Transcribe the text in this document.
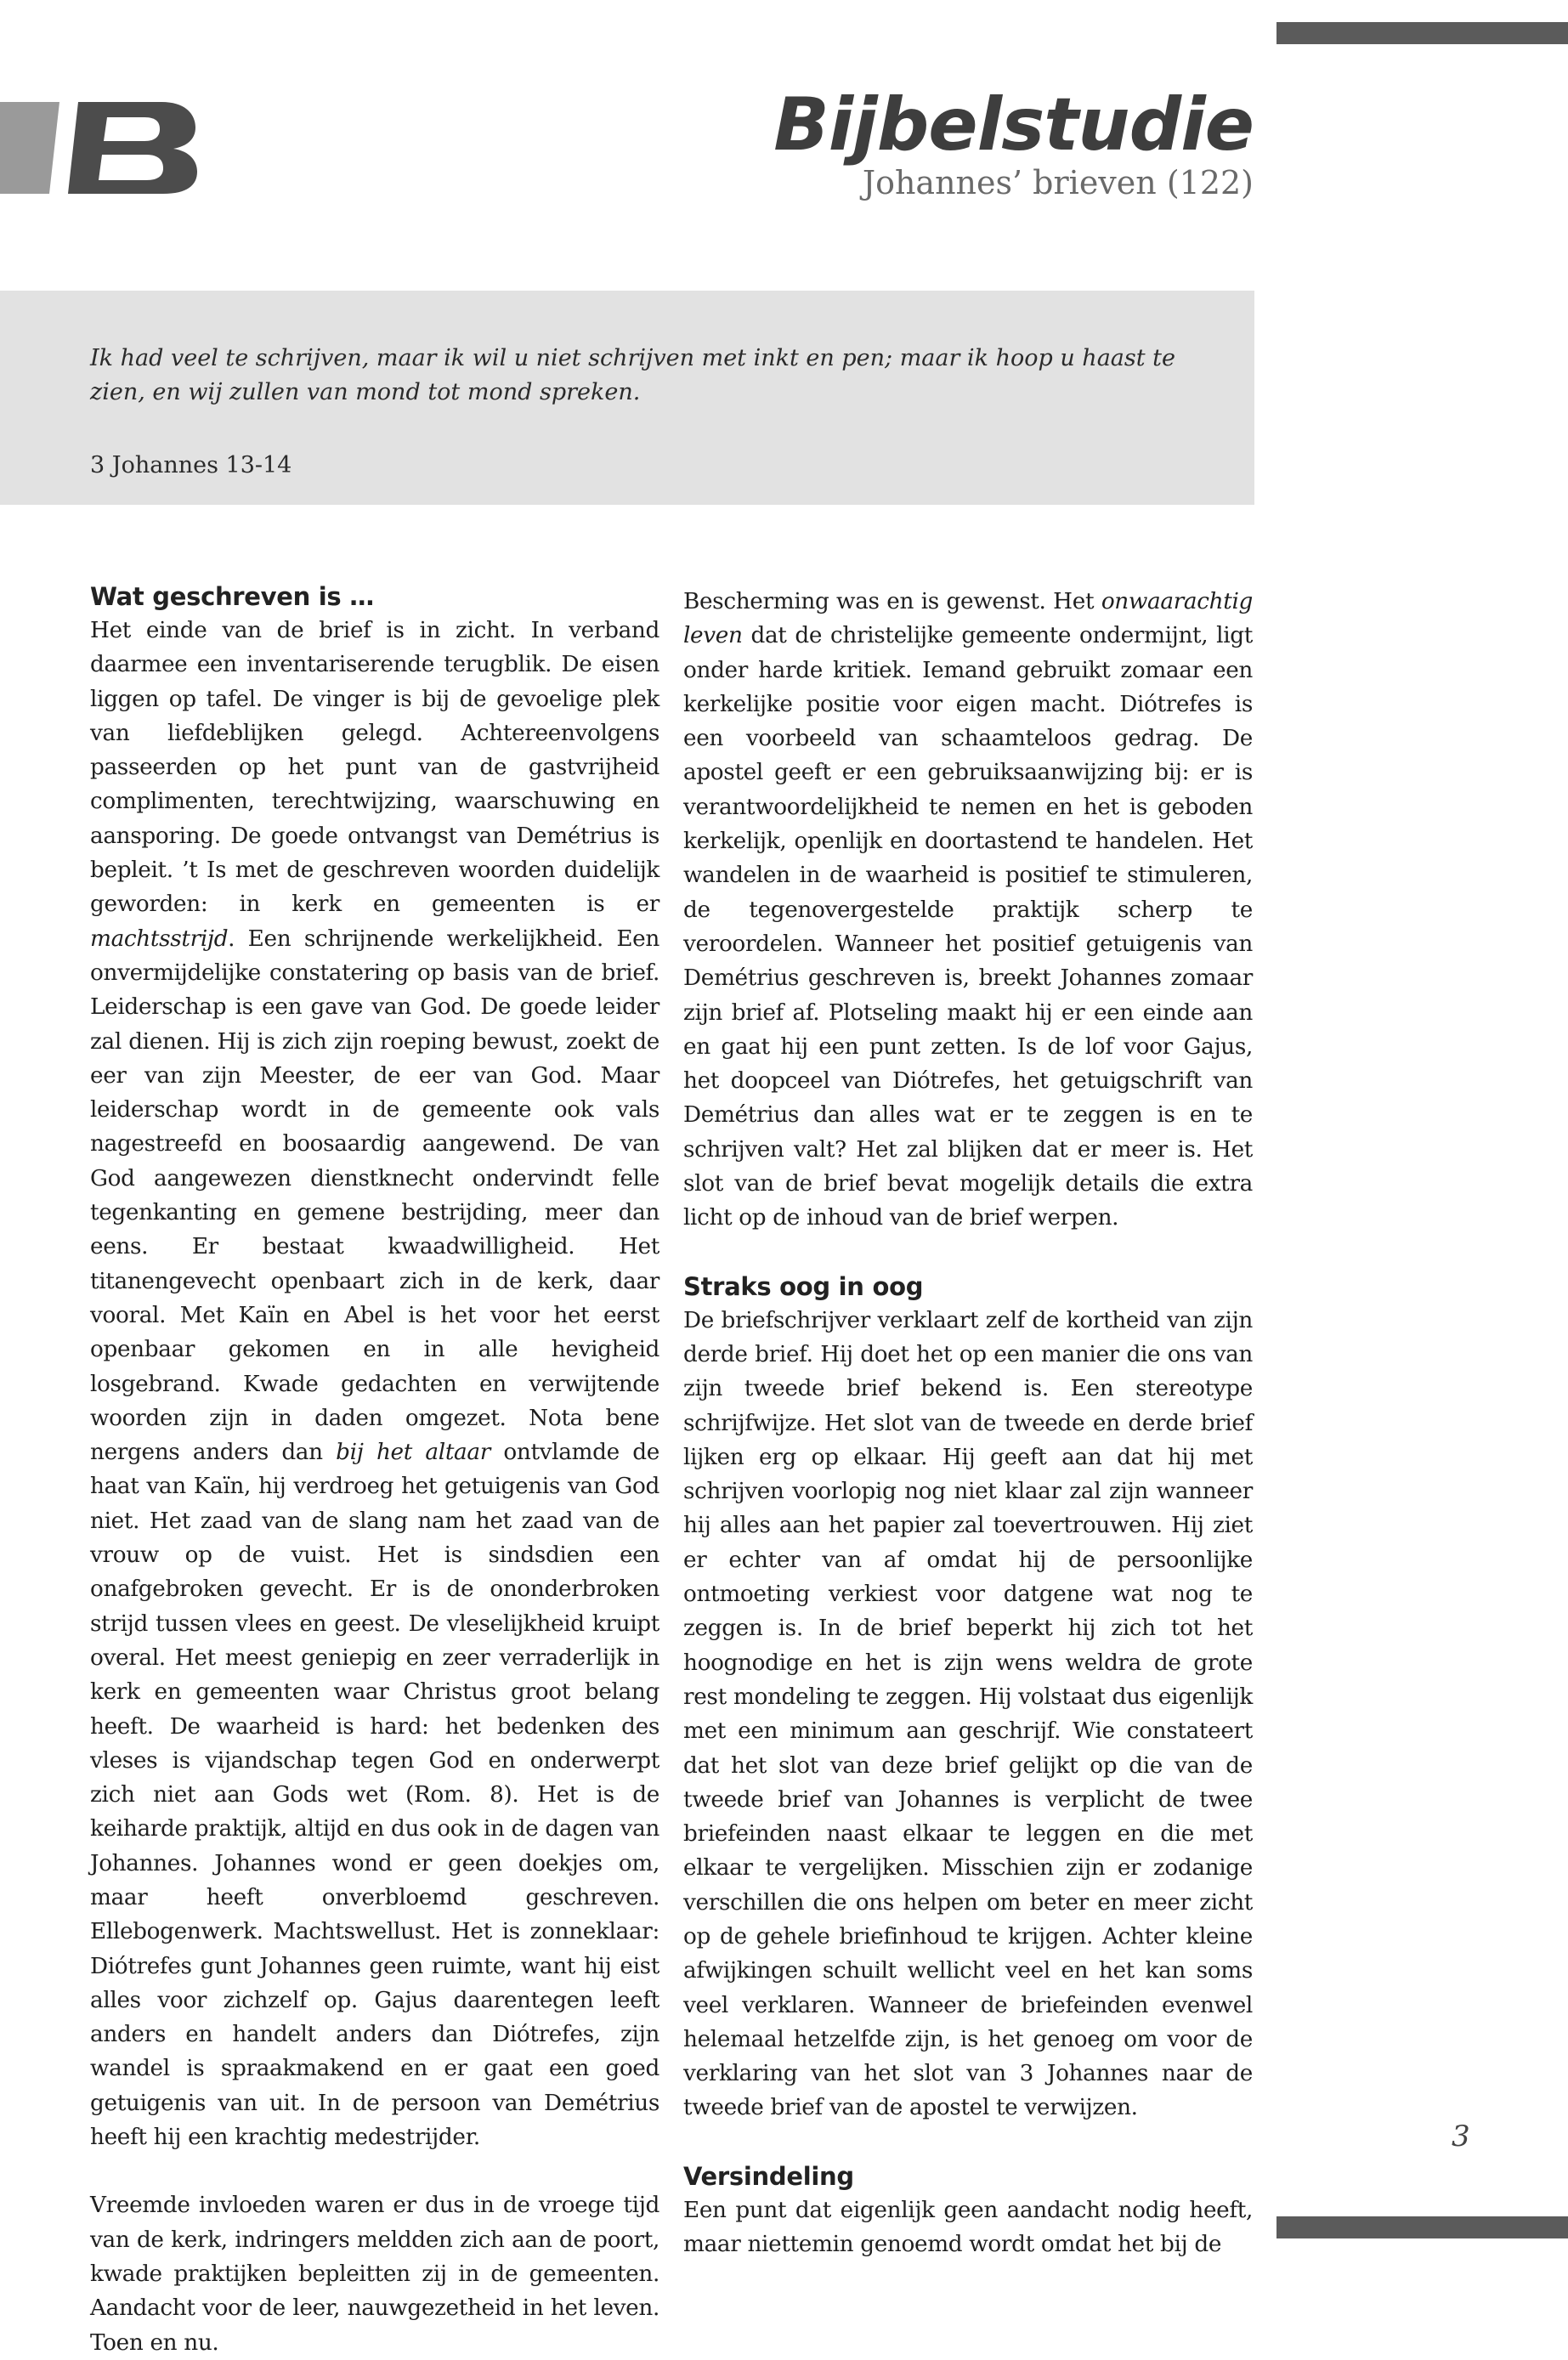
Bijbelstudie
Johannes’ brieven (122)
Ik had veel te schrijven, maar ik wil u niet schrijven met inkt en pen; maar ik hoop u haast te zien, en wij zullen van mond tot mond spreken.
3 Johannes 13-14
Wat geschreven is …

Het einde van de brief is in zicht. In verband daarmee een inventariserende terugblik. De eisen liggen op tafel. De vinger is bij de gevoelige plek van liefdeblijken gelegd. Achtereenvolgens passeerden op het punt van de gastvrijheid complimenten, terechtwijzing, waarschuwing en aansporing. De goede ontvangst van Demétrius is bepleit. ’t Is met de geschreven woorden duidelijk geworden: in kerk en gemeenten is er machtsstrijd. Een schrijnende werkelijkheid. Een onvermijdelijke constatering op basis van de brief. Leiderschap is een gave van God. De goede leider zal dienen. Hij is zich zijn roeping bewust, zoekt de eer van zijn Meester, de eer van God. Maar leiderschap wordt in de gemeente ook vals nagestreefd en boosaardig aangewend. De van God aangewezen dienstknecht ondervindt felle tegenkanting en gemene bestrijding, meer dan eens. Er bestaat kwaadwilligheid. Het titanengevecht openbaart zich in de kerk, daar vooral. Met Kaïn en Abel is het voor het eerst openbaar gekomen en in alle hevigheid losgebrand. Kwade gedachten en verwijtende woorden zijn in daden omgezet. Nota bene nergens anders dan bij het altaar ontvlamde de haat van Kaïn, hij verdroeg het getuigenis van God niet. Het zaad van de slang nam het zaad van de vrouw op de vuist. Het is sindsdien een onafgebroken gevecht. Er is de ononderbroken strijd tussen vlees en geest. De vleselijkheid kruipt overal. Het meest geniepig en zeer verraderlijk in kerk en gemeenten waar Christus groot belang heeft. De waarheid is hard: het bedenken des vleses is vijandschap tegen God en onderwerpt zich niet aan Gods wet (Rom. 8). Het is de keiharde praktijk, altijd en dus ook in de dagen van Johannes. Johannes wond er geen doekjes om, maar heeft onverbloemd geschreven. Ellebogenwerk. Machtswellust. Het is zonneklaar: Diótrefes gunt Johannes geen ruimte, want hij eist alles voor zichzelf op. Gajus daarentegen leeft anders en handelt anders dan Diótrefes, zijn wandel is spraakmakend en er gaat een goed getuigenis van uit. In de persoon van Demétrius heeft hij een krachtig medestrijder.

Vreemde invloeden waren er dus in de vroege tijd van de kerk, indringers meldden zich aan de poort, kwade praktijken bepleitten zij in de gemeenten. Aandacht voor de leer, nauwgezetheid in het leven. Toen en nu.

Bescherming was en is gewenst. Het onwaarachtig leven dat de christelijke gemeente ondermijnt, ligt onder harde kritiek. Iemand gebruikt zomaar een kerkelijke positie voor eigen macht. Diótrefes is een voorbeeld van schaamteloos gedrag. De apostel geeft er een gebruiksaanwijzing bij: er is verantwoordelijkheid te nemen en het is geboden kerkelijk, openlijk en doortastend te handelen. Het wandelen in de waarheid is positief te stimuleren, de tegenovergestelde praktijk scherp te veroordelen. Wanneer het positief getuigenis van Demétrius geschreven is, breekt Johannes zomaar zijn brief af. Plotseling maakt hij er een einde aan en gaat hij een punt zetten. Is de lof voor Gajus, het doopceel van Diótrefes, het getuigschrift van Demétrius dan alles wat er te zeggen is en te schrijven valt? Het zal blijken dat er meer is. Het slot van de brief bevat mogelijk details die extra licht op de inhoud van de brief werpen.

Straks oog in oog

De briefschrijver verklaart zelf de kortheid van zijn derde brief. Hij doet het op een manier die ons van zijn tweede brief bekend is. Een stereotype schrijfwijze. Het slot van de tweede en derde brief lijken erg op elkaar. Hij geeft aan dat hij met schrijven voorlopig nog niet klaar zal zijn wanneer hij alles aan het papier zal toevertrouwen. Hij ziet er echter van af omdat hij de persoonlijke ontmoeting verkiest voor datgene wat nog te zeggen is. In de brief beperkt hij zich tot het hoognodige en het is zijn wens weldra de grote rest mondeling te zeggen. Hij volstaat dus eigenlijk met een minimum aan geschrijf. Wie constateert dat het slot van deze brief gelijkt op die van de tweede brief van Johannes is verplicht de twee briefeinden naast elkaar te leggen en die met elkaar te vergelijken. Misschien zijn er zodanige verschillen die ons helpen om beter en meer zicht op de gehele briefinhoud te krijgen. Achter kleine afwijkingen schuilt wellicht veel en het kan soms veel verklaren. Wanneer de briefeinden evenwel helemaal hetzelfde zijn, is het genoeg om voor de verklaring van het slot van 3 Johannes naar de tweede brief van de apostel te verwijzen.

Versindeling

Een punt dat eigenlijk geen aandacht nodig heeft, maar niettemin genoemd wordt omdat het bij de

3
